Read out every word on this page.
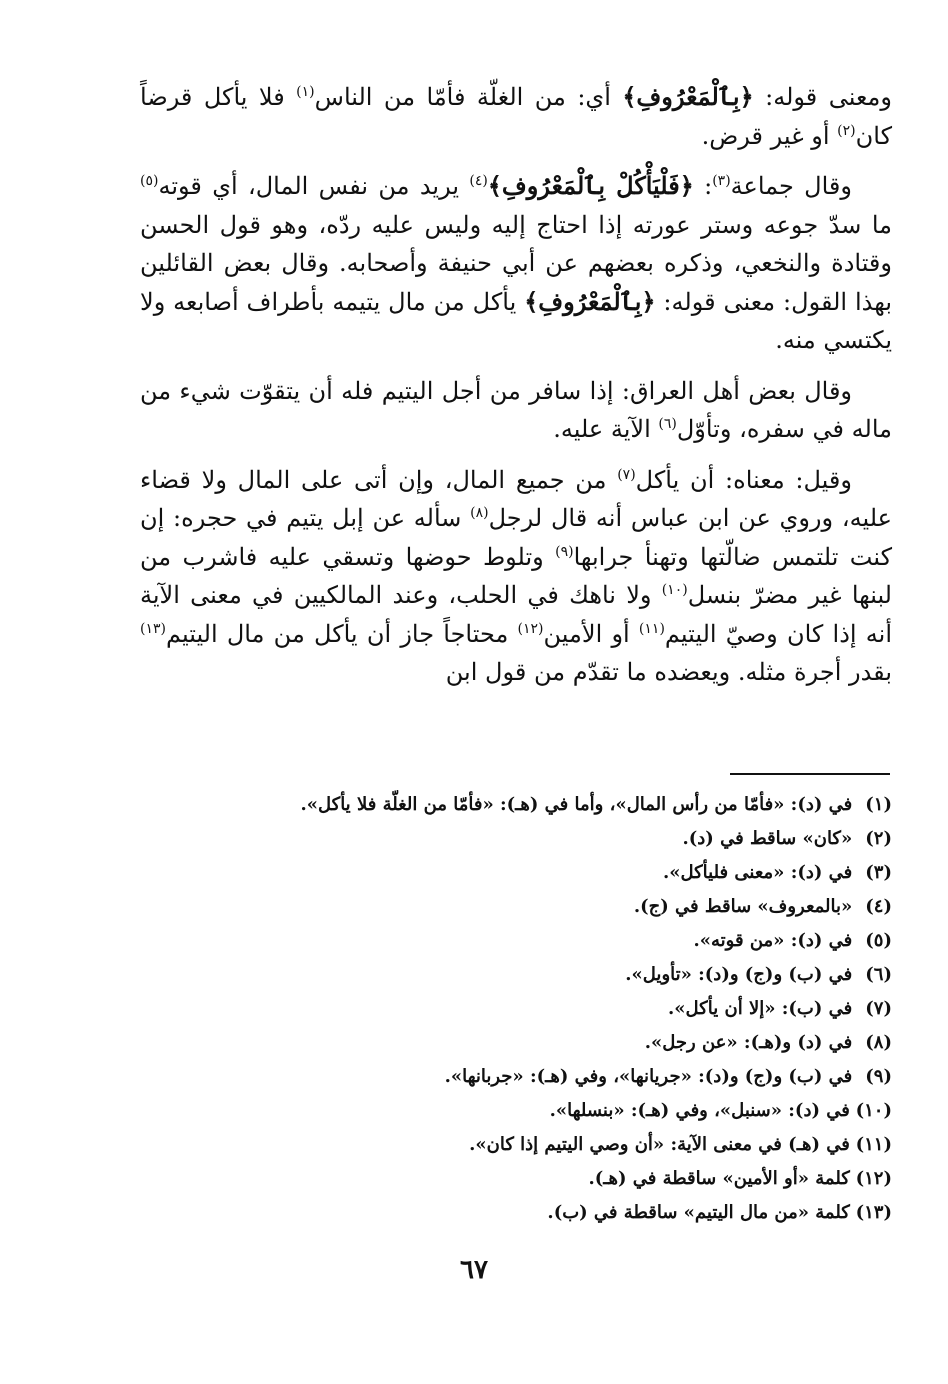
ومعنى قوله: ﴿بِٱلْمَعْرُوفِ﴾ أي: من الغلّة فأمّا من الناس$^{(١)}$ فلا يأكل قرضاً كان$^{(٢)}$ أو غير قرض.

وقال جماعة$^{(٣)}$: ﴿فَلْيَأْكُلْ بِٱلْمَعْرُوفِ﴾$^{(٤)}$ يريد من نفس المال، أي قوته$^{(٥)}$ ما سدّ جوعه وستر عورته إذا احتاج إليه وليس عليه ردّه، وهو قول الحسن وقتادة والنخعي، وذكره بعضهم عن أبي حنيفة وأصحابه. وقال بعض القائلين بهذا القول: معنى قوله: ﴿بِٱلْمَعْرُوفِ﴾ يأكل من مال يتيمه بأطراف أصابعه ولا يكتسي منه.

وقال بعض أهل العراق: إذا سافر من أجل اليتيم فله أن يتقوّت شيء من ماله في سفره، وتأوّل$^{(٦)}$ الآية عليه.

وقيل: معناه: أن يأكل$^{(٧)}$ من جميع المال، وإن أتى على المال ولا قضاء عليه، وروي عن ابن عباس أنه قال لرجل$^{(٨)}$ سأله عن إبل يتيم في حجره: إن كنت تلتمس ضالّتها وتهنأ جرابها$^{(٩)}$ وتلوط حوضها وتسقي عليه فاشرب من لبنها غير مضرّ بنسل$^{(١٠)}$ ولا ناهك في الحلب، وعند المالكيين في معنى الآية أنه إذا كان وصيّ اليتيم$^{(١١)}$ أو الأمين$^{(١٢)}$ محتاجاً جاز أن يأكل من مال اليتيم$^{(١٣)}$ بقدر أجرة مثله. ويعضده ما تقدّم من قول ابن

(١) في (د): «فأمّا من رأس المال»، وأما في (هـ): «فأمّا من الغلّة فلا يأكل».
(٢) «كان» ساقط في (د).
(٣) في (د): «معنى فليأكل».
(٤) «بالمعروف» ساقط في (ج).
(٥) في (د): «من قوته».
(٦) في (ب) و(ج) و(د): «تأويل».
(٧) في (ب): «إلا أن يأكل».
(٨) في (د) و(هـ): «عن رجل».
(٩) في (ب) و(ج) و(د): «جريانها»، وفي (هـ): «جربانها».
(١٠) في (د): «سنبل»، وفي (هـ): «بنسلها».
(١١) في (هـ) في معنى الآية: «أن وصي اليتيم إذا كان».
(١٢) كلمة «أو الأمين» ساقطة في (هـ).
(١٣) كلمة «من مال اليتيم» ساقطة في (ب).
٦٧
